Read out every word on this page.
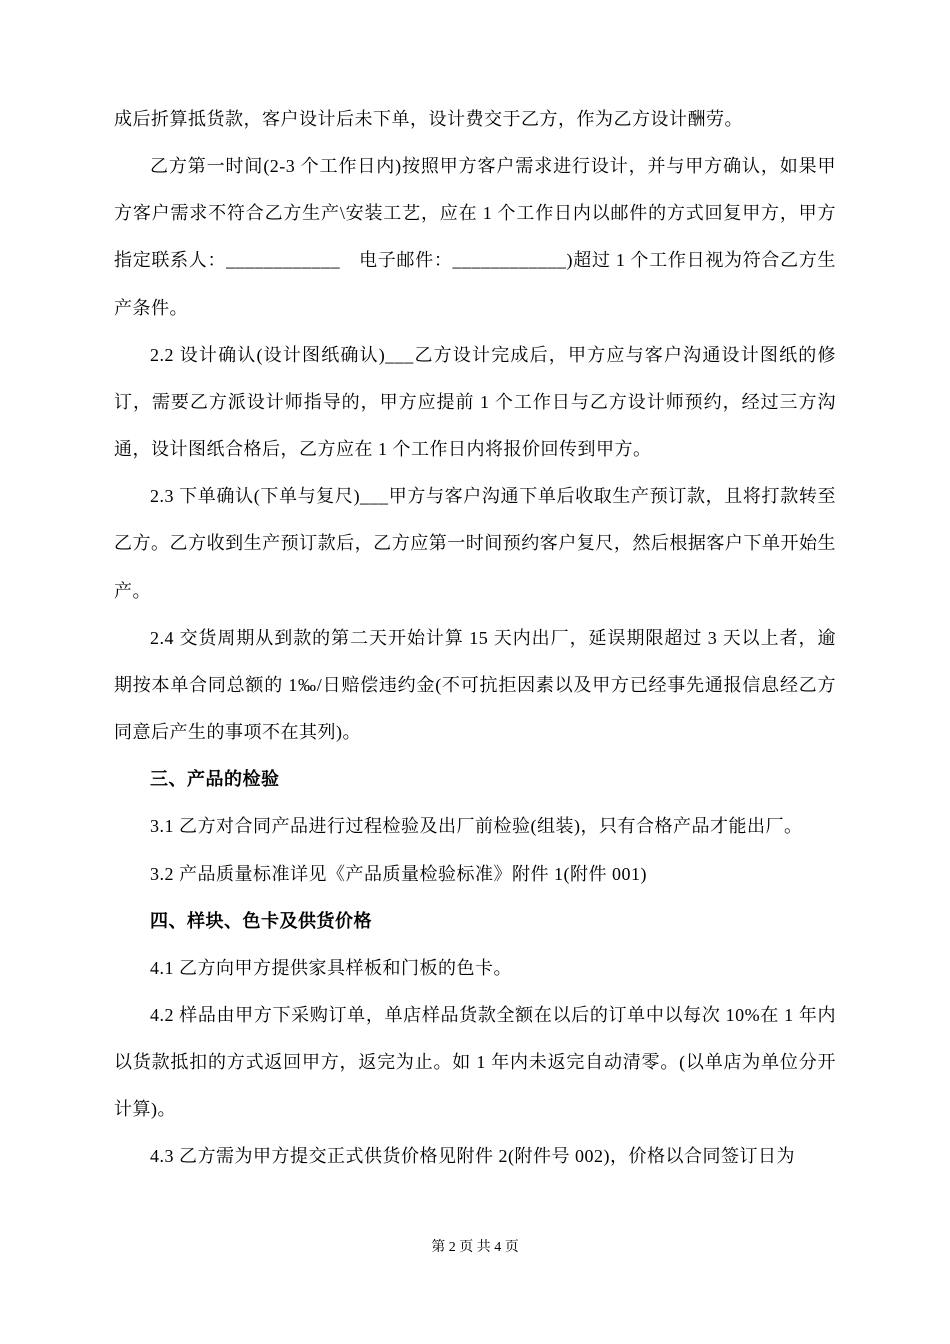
成后折算抵货款，客户设计后未下单，设计费交于乙方，作为乙方设计酬劳。

乙方第一时间(2-3 个工作日内)按照甲方客户需求进行设计，并与甲方确认，如果甲方客户需求不符合乙方生产\安装工艺，应在 1 个工作日内以邮件的方式回复甲方，甲方指定联系人：____________　电子邮件：____________)超过 1 个工作日视为符合乙方生产条件。

2.2 设计确认(设计图纸确认)___乙方设计完成后，甲方应与客户沟通设计图纸的修订，需要乙方派设计师指导的，甲方应提前 1 个工作日与乙方设计师预约，经过三方沟通，设计图纸合格后，乙方应在 1 个工作日内将报价回传到甲方。

2.3 下单确认(下单与复尺)___甲方与客户沟通下单后收取生产预订款，且将打款转至乙方。乙方收到生产预订款后，乙方应第一时间预约客户复尺，然后根据客户下单开始生产。

2.4 交货周期从到款的第二天开始计算 15 天内出厂，延误期限超过 3 天以上者，逾期按本单合同总额的 1‰/日赔偿违约金(不可抗拒因素以及甲方已经事先通报信息经乙方同意后产生的事项不在其列)。

三、产品的检验

3.1 乙方对合同产品进行过程检验及出厂前检验(组装)，只有合格产品才能出厂。

3.2 产品质量标准详见《产品质量检验标准》附件 1(附件 001)

四、样块、色卡及供货价格

4.1 乙方向甲方提供家具样板和门板的色卡。

4.2 样品由甲方下采购订单，单店样品货款全额在以后的订单中以每次 10%在 1 年内以货款抵扣的方式返回甲方，返完为止。如 1 年内未返完自动清零。(以单店为单位分开计算)。

4.3 乙方需为甲方提交正式供货价格见附件 2(附件号 002)，价格以合同签订日为

第 2 页 共 4 页
